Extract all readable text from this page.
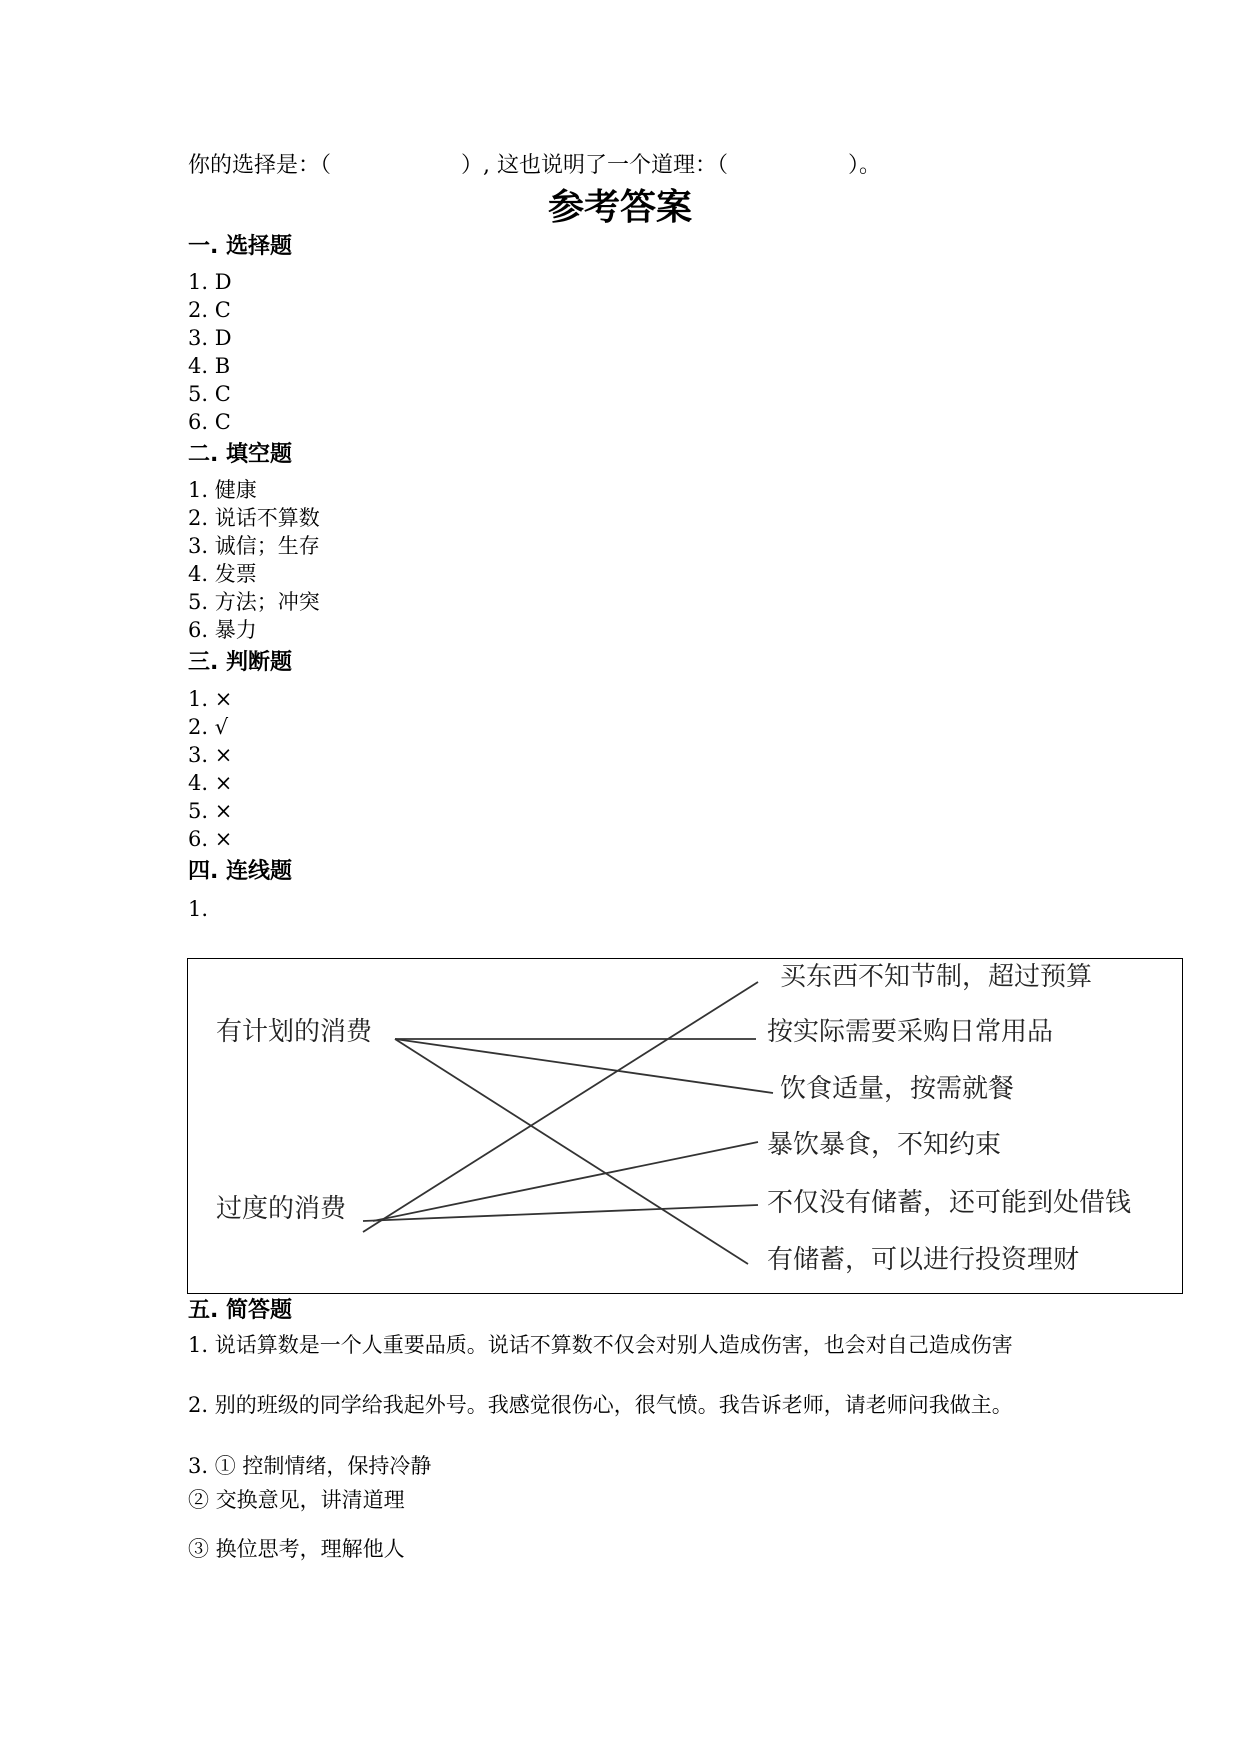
你的选择是：（	）, 这也说明了一个道理：（	）。
参考答案
一. 选择题
1. D
2. C
3. D
4. B
5. C
6. C
二. 填空题
1. 健康
2. 说话不算数
3. 诚信；生存
4. 发票
5. 方法；冲突
6. 暴力
三. 判断题
1. ×
2. √
3. ×
4. ×
5. ×
6. ×
四. 连线题
1.
有计划的消费
过度的消费
买东西不知节制，超过预算
按实际需要采购日常用品
饮食适量，按需就餐
暴饮暴食，不知约束
不仅没有储蓄，还可能到处借钱
有储蓄，可以进行投资理财
五. 简答题
1. 说话算数是一个人重要品质。说话不算数不仅会对别人造成伤害，也会对自己造成伤害
2. 别的班级的同学给我起外号。我感觉很伤心，很气愤。我告诉老师，请老师问我做主。
3. ① 控制情绪，保持冷静
② 交换意见，讲清道理
③ 换位思考，理解他人
